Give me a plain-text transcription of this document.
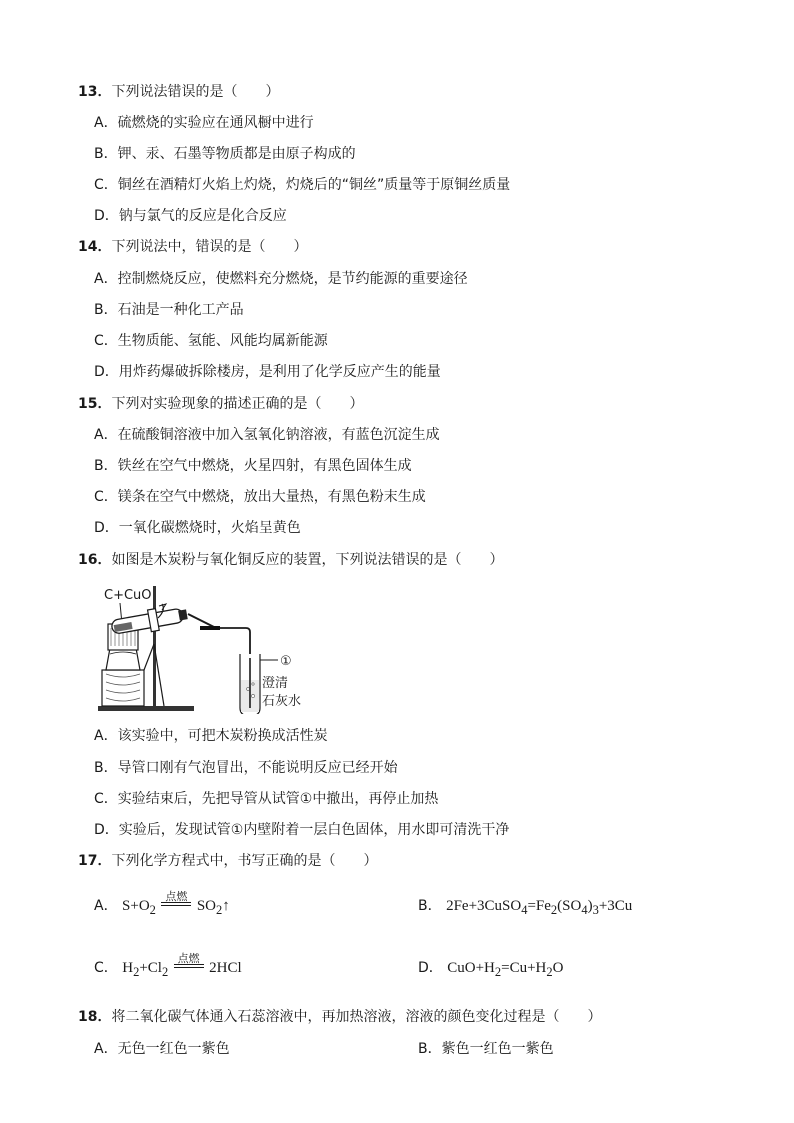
13．下列说法错误的是（　　）
A．硫燃烧的实验应在通风橱中进行
B．钾、汞、石墨等物质都是由原子构成的
C．铜丝在酒精灯火焰上灼烧，灼烧后的“铜丝”质量等于原铜丝质量
D．钠与氯气的反应是化合反应
14．下列说法中，错误的是（　　）
A．控制燃烧反应，使燃料充分燃烧，是节约能源的重要途径
B．石油是一种化工产品
C．生物质能、氢能、风能均属新能源
D．用炸药爆破拆除楼房，是利用了化学反应产生的能量
15．下列对实验现象的描述正确的是（　　）
A．在硫酸铜溶液中加入氢氧化钠溶液，有蓝色沉淀生成
B．铁丝在空气中燃烧，火星四射，有黑色固体生成
C．镁条在空气中燃烧，放出大量热，有黑色粉末生成
D．一氧化碳燃烧时，火焰呈黄色
16．如图是木炭粉与氧化铜反应的装置，下列说法错误的是（　　）
C+CuO
①
澄清
石灰水
A．该实验中，可把木炭粉换成活性炭
B．导管口刚有气泡冒出，不能说明反应已经开始
C．实验结束后，先把导管从试管①中撤出，再停止加热
D．实验后，发现试管①内壁附着一层白色固体，用水即可清洗干净
17．下列化学方程式中，书写正确的是（　　）
A． $S+O_2$
点燃
$SO_2↑$	B． $2Fe+3CuSO_4=Fe_2(SO_4)_3+3Cu$
C． $H_2+Cl_2$
点燃
2HCl	D． $CuO+H_2=Cu+H_2O$
18．将二氧化碳气体通入石蕊溶液中，再加热溶液，溶液的颜色变化过程是（　　）
A．无色一红色一紫色	B．紫色一红色一紫色
